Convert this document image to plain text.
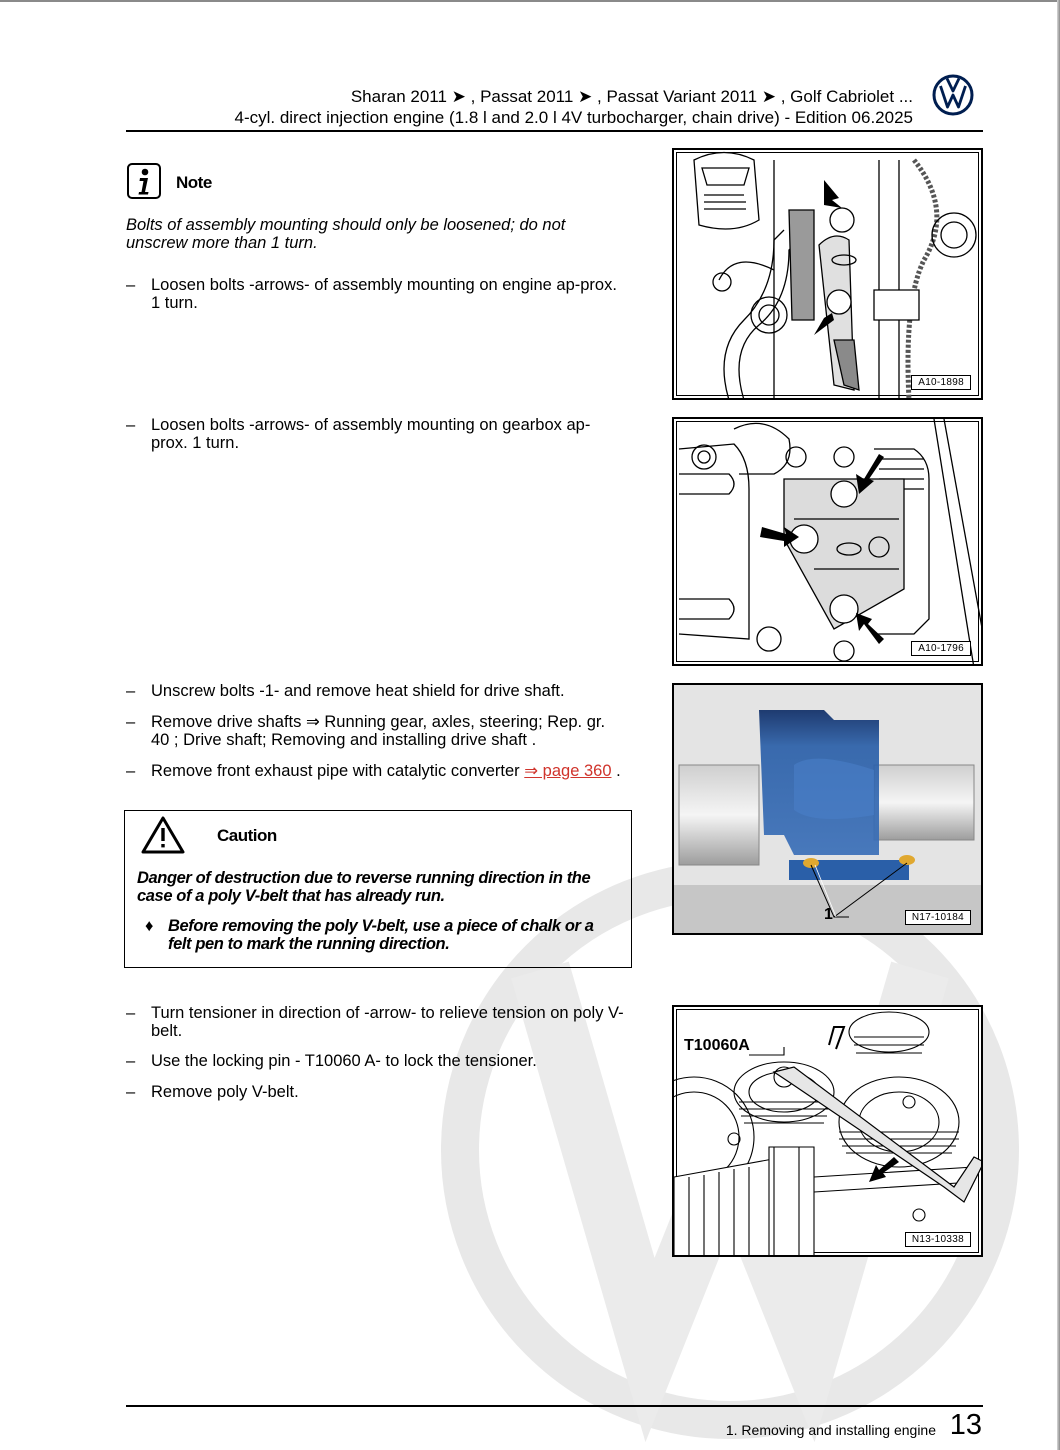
Sharan 2011 ➤ , Passat 2011 ➤ , Passat Variant 2011 ➤ , Golf Cabriolet ...
4-cyl. direct injection engine (1.8 l and 2.0 l 4V turbocharger, chain drive) - Edition 06.2025
Note
Bolts of assembly mounting should only be loosened; do not unscrew more than 1 turn.
– Loosen bolts -arrows- of assembly mounting on engine ap-prox. 1 turn.
– Loosen bolts -arrows- of assembly mounting on gearbox ap-prox. 1 turn.
– Unscrew bolts -1- and remove heat shield for drive shaft.
– Remove drive shafts ⇒ Running gear, axles, steering; Rep. gr. 40 ; Drive shaft; Removing and installing drive shaft .
– Remove front exhaust pipe with catalytic converter ⇒ page 360 .
– Turn tensioner in direction of -arrow- to relieve tension on poly V-belt.
– Use the locking pin - T10060 A- to lock the tensioner.
– Remove poly V-belt.
Caution
Danger of destruction due to reverse running direction in the case of a poly V-belt that has already run.
♦ Before removing the poly V-belt, use a piece of chalk or a felt pen to mark the running direction.
A10-1898
A10-1796
1	N17-10184
T10060A
N13-10338
1. Removing and installing engine 13
